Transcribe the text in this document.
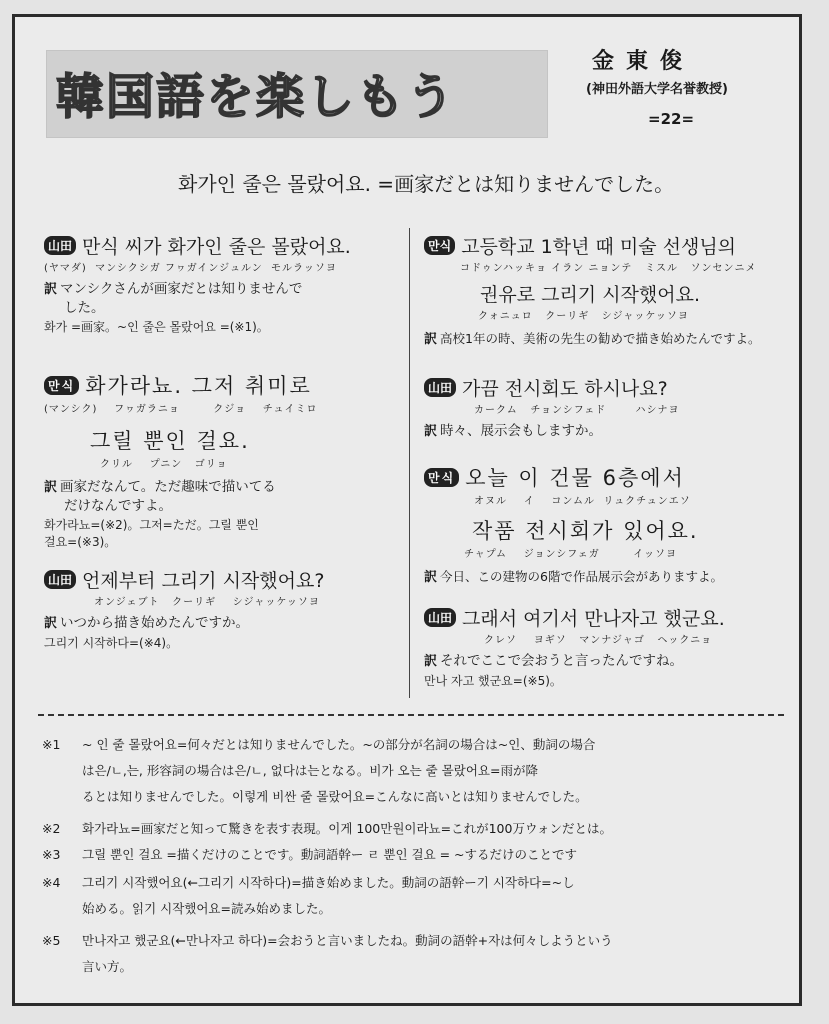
韓国語を楽しもう
金東俊
(神田外語大学名誉教授)
=22=
화가인 줄은 몰랐어요. =画家だとは知りませんでした。
山田 만식 씨가 화가인 줄은 몰랐어요.
(ヤマダ)  マンシクシガ フヮガインジュルン  モルラッソヨ
訳 マンシクさんが画家だとは知りませんで
した。
화가 =画家。~인 줄은 몰랐어요 =(※1)。
만식 화가라뇨. 그저 취미로
(マンシク)    フヮガラニョ        クジョ    チュイミロ
그릴 뿐인 걸요.
クリル    プニン   ゴリョ
訳 画家だなんて。ただ趣味で描いてる
だけなんですよ。
화가라뇨=(※2)。그저=ただ。그릴 뿐인
걸요=(※3)。
山田 언제부터 그리기 시작했어요?
オンジェブト   クーリギ    シジャッケッソヨ
訳 いつから描き始めたんですか。
그리기 시작하다=(※4)。
만식 고등학교 1학년 때 미술 선생님의
コドゥンハッキョ イラン ニョンテ   ミスル   ソンセンニメ
권유로 그리기 시작했어요.
クォニュロ   クーリギ   シジャッケッソヨ
訳 高校1年の時、美術の先生の勧めで描き始めたんですよ。
山田 가끔 전시회도 하시나요?
カークム   チョンシフェド       ハシナヨ
訳 時々、展示会もしますか。
만식 오늘 이 건물 6층에서
オヌル    イ    コンムル  リュクチュンエソ
작품 전시회가 있어요.
チャプム    ジョンシフェガ        イッソヨ
訳 今日、この建物の6階で作品展示会がありますよ。
山田 그래서 여기서 만나자고 했군요.
クレソ    ヨギソ   マンナジャゴ   ヘックニョ
訳 それでここで会おうと言ったんですね。
만나 자고 했군요=(※5)。
※1 ~ 인 줄 몰랐어요=何々だとは知りませんでした。~の部分が名詞の場合は~인、動詞の場合
は은/ㄴ,는, 形容詞の場合は은/ㄴ, 없다は는となる。비가 오는 줄 몰랐어요=雨が降
るとは知りませんでした。이렇게 비싼 줄 몰랐어요=こんなに高いとは知りませんでした。
※2 화가라뇨=画家だと知って驚きを表す表現。이게 100만원이라뇨=これが100万ウォンだとは。
※3 그릴 뿐인 걸요 =描くだけのことです。動詞語幹ー ㄹ 뿐인 걸요 = ~するだけのことです
※4 그리기 시작했어요(←그리기 시작하다)=描き始めました。動詞の語幹ー기 시작하다=~し
始める。읽기 시작했어요=読み始めました。
※5 만나자고 했군요(←만나자고 하다)=会おうと言いましたね。動詞の語幹+자は何々しようという
言い方。
